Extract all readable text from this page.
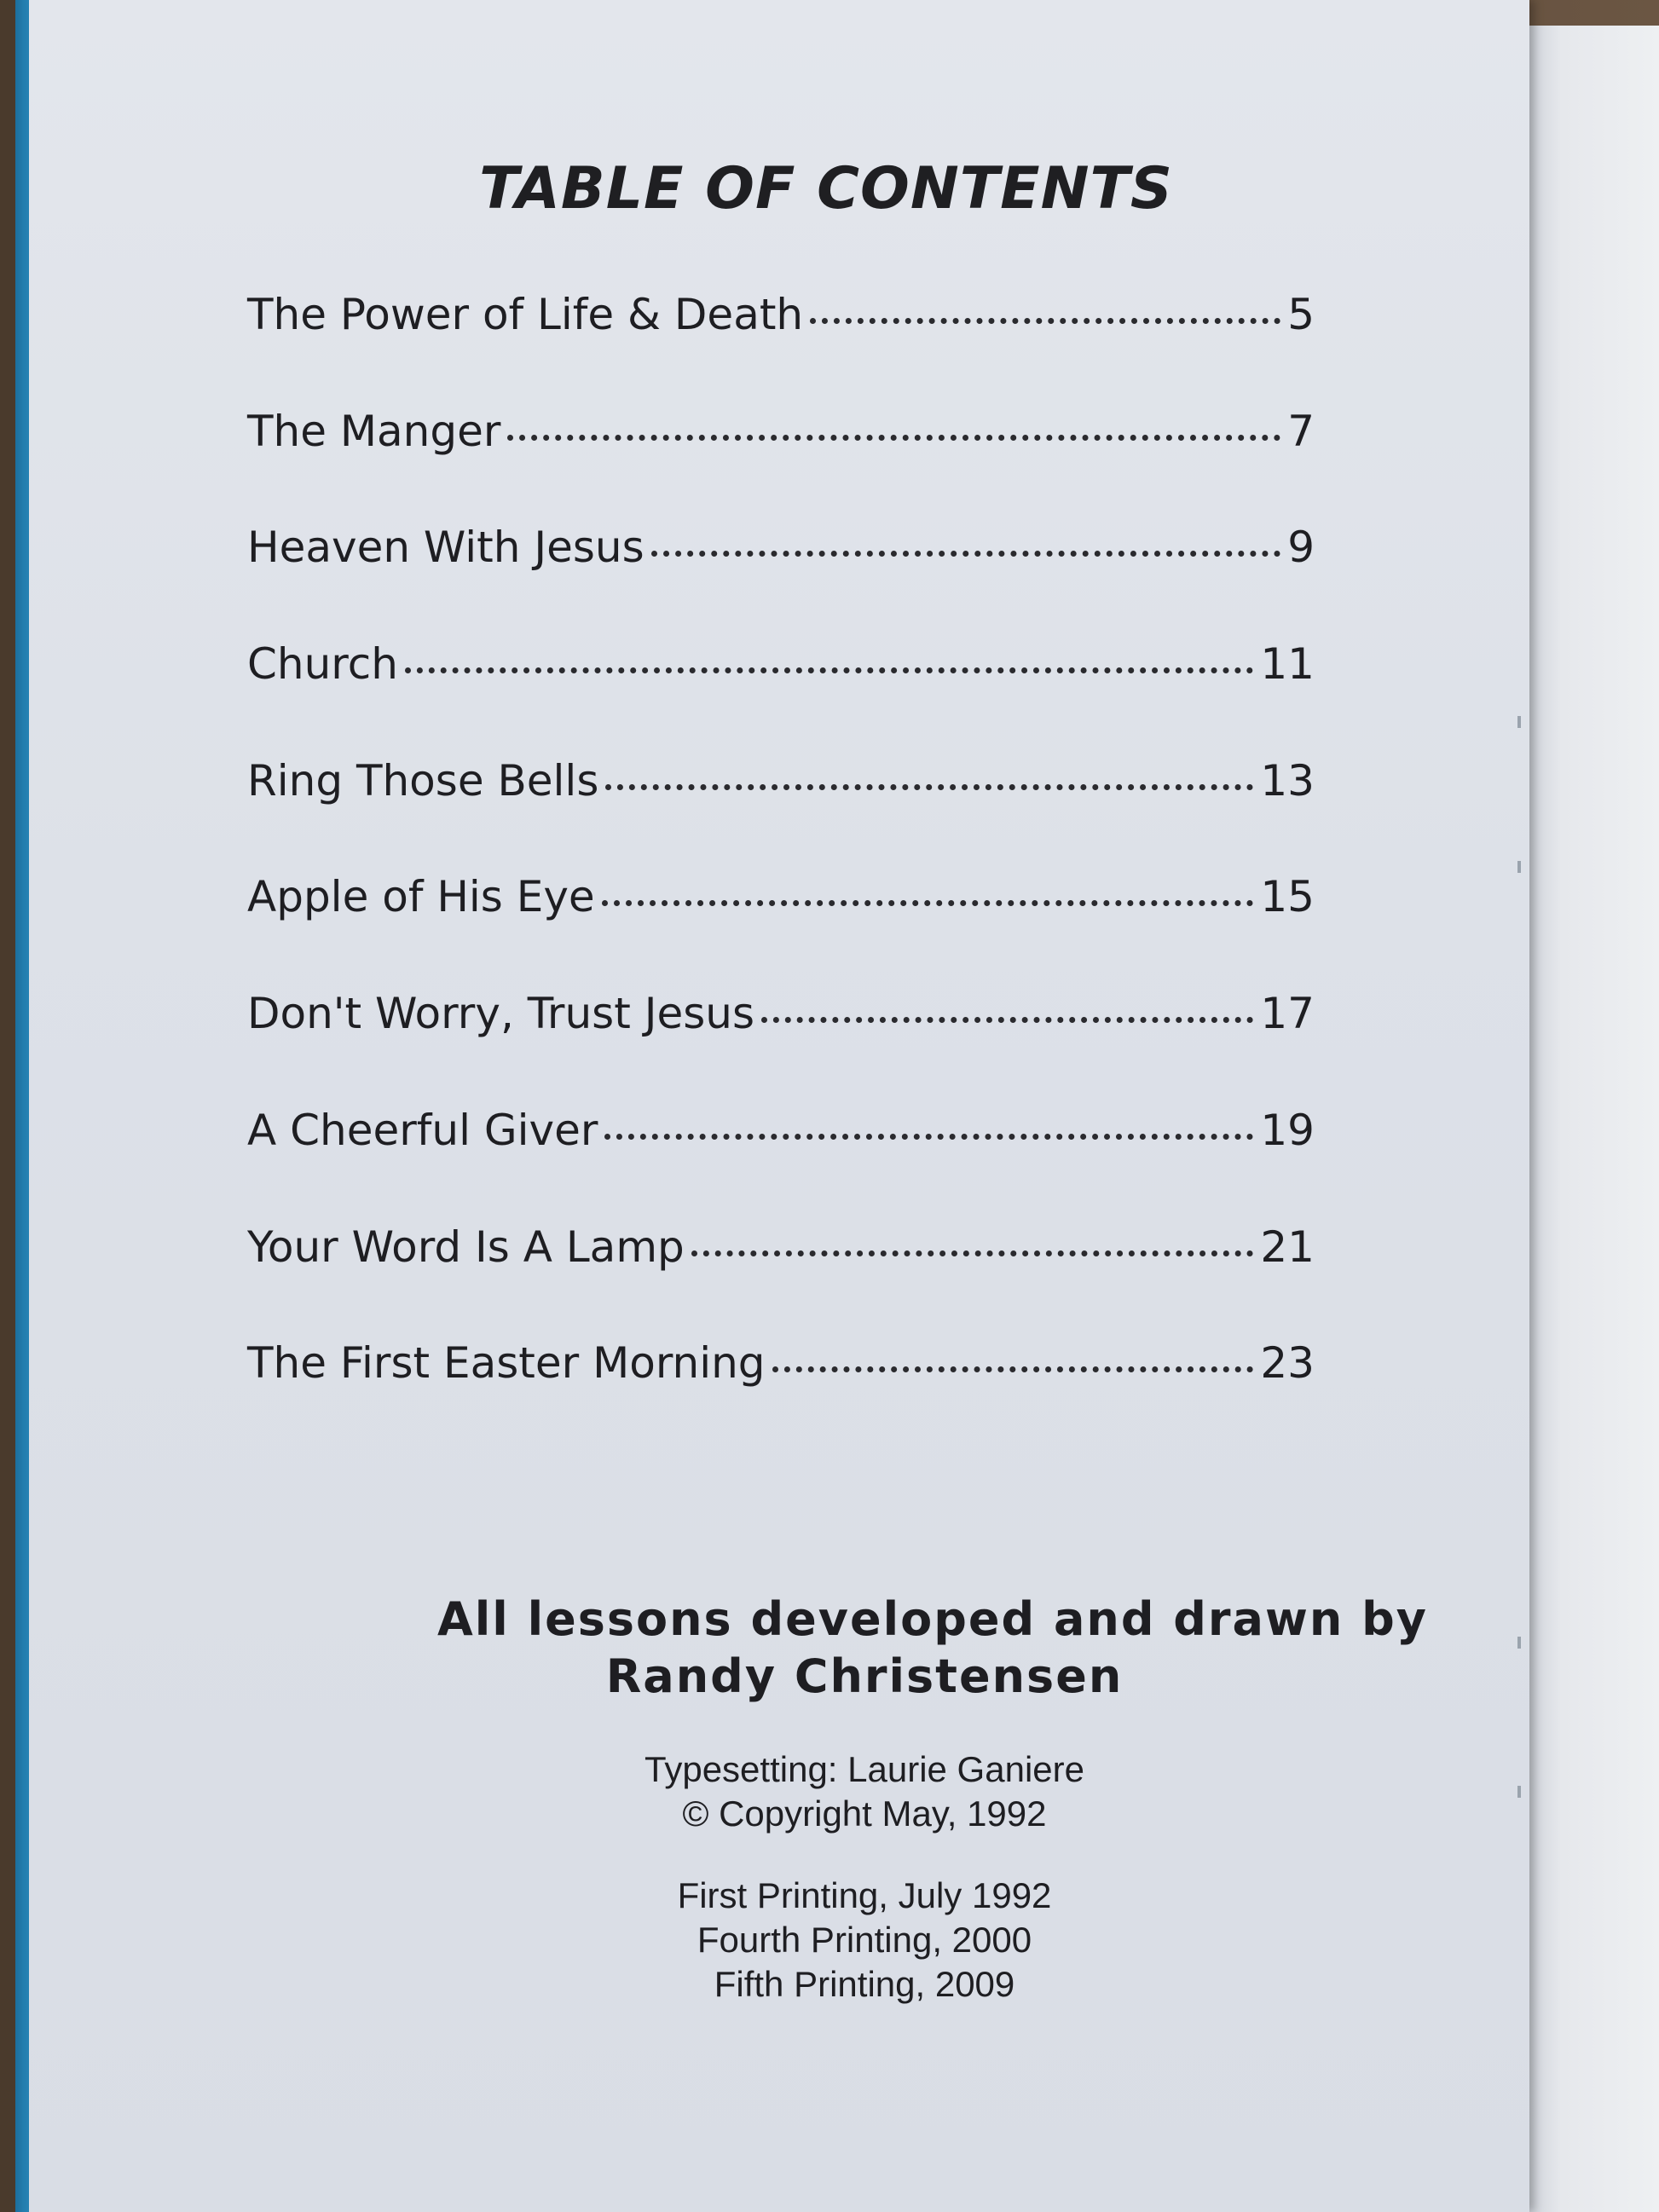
TABLE OF CONTENTS
The Power of Life & Death	5
The Manger	7
Heaven With Jesus	9
Church	11
Ring Those Bells	13
Apple of His Eye	15
Don't Worry, Trust Jesus	17
A Cheerful Giver	19
Your Word Is A Lamp	21
The First Easter Morning	23
All lessons developed and drawn by
Randy Christensen
Typesetting: Laurie Ganiere
© Copyright May, 1992
First Printing, July 1992
Fourth Printing, 2000
Fifth Printing, 2009
